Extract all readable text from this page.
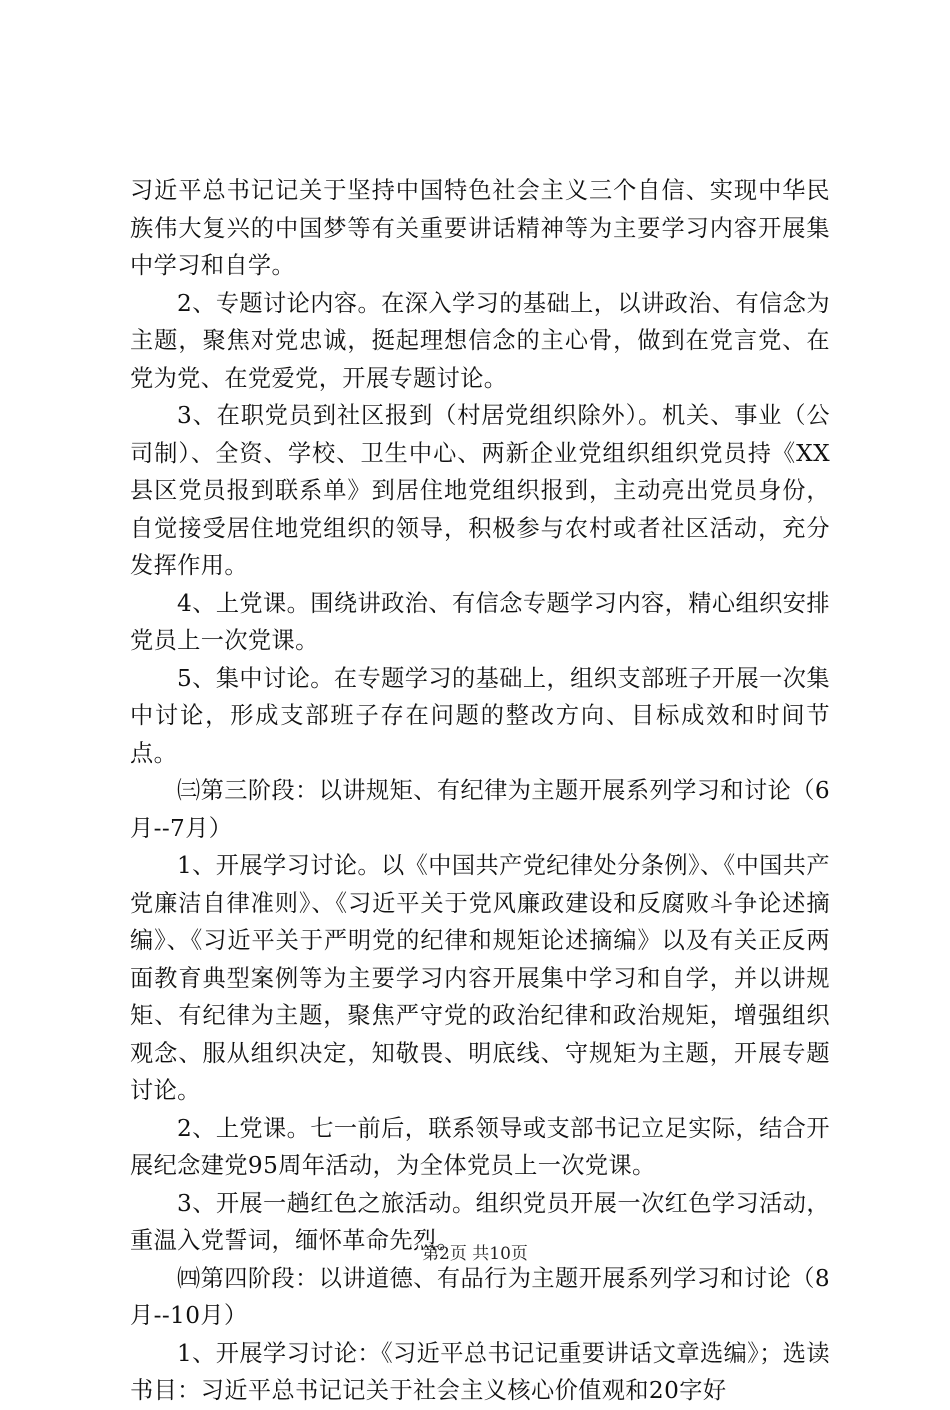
习近平总书记记关于坚持中国特色社会主义三个自信、实现中华民族伟大复兴的中国梦等有关重要讲话精神等为主要学习内容开展集中学习和自学。

2、专题讨论内容。在深入学习的基础上，以讲政治、有信念为主题，聚焦对党忠诚，挺起理想信念的主心骨，做到在党言党、在党为党、在党爱党，开展专题讨论。

3、在职党员到社区报到（村居党组织除外）。机关、事业（公司制）、全资、学校、卫生中心、两新企业党组织组织党员持《XX县区党员报到联系单》到居住地党组织报到，主动亮出党员身份，自觉接受居住地党组织的领导，积极参与农村或者社区活动，充分发挥作用。

4、上党课。围绕讲政治、有信念专题学习内容，精心组织安排党员上一次党课。

5、集中讨论。在专题学习的基础上，组织支部班子开展一次集中讨论，形成支部班子存在问题的整改方向、目标成效和时间节点。

㈢第三阶段：以讲规矩、有纪律为主题开展系列学习和讨论（6月--7月）

1、开展学习讨论。以《中国共产党纪律处分条例》、《中国共产党廉洁自律准则》、《习近平关于党风廉政建设和反腐败斗争论述摘编》、《习近平关于严明党的纪律和规矩论述摘编》以及有关正反两面教育典型案例等为主要学习内容开展集中学习和自学，并以讲规矩、有纪律为主题，聚焦严守党的政治纪律和政治规矩，增强组织观念、服从组织决定，知敬畏、明底线、守规矩为主题，开展专题讨论。

2、上党课。七一前后，联系领导或支部书记立足实际，结合开展纪念建党95周年活动，为全体党员上一次党课。

3、开展一趟红色之旅活动。组织党员开展一次红色学习活动，重温入党誓词，缅怀革命先烈。

㈣第四阶段：以讲道德、有品行为主题开展系列学习和讨论（8月--10月）

1、开展学习讨论：《习近平总书记记重要讲话文章选编》；选读书目：习近平总书记记关于社会主义核心价值观和20字好

第2页 共10页
